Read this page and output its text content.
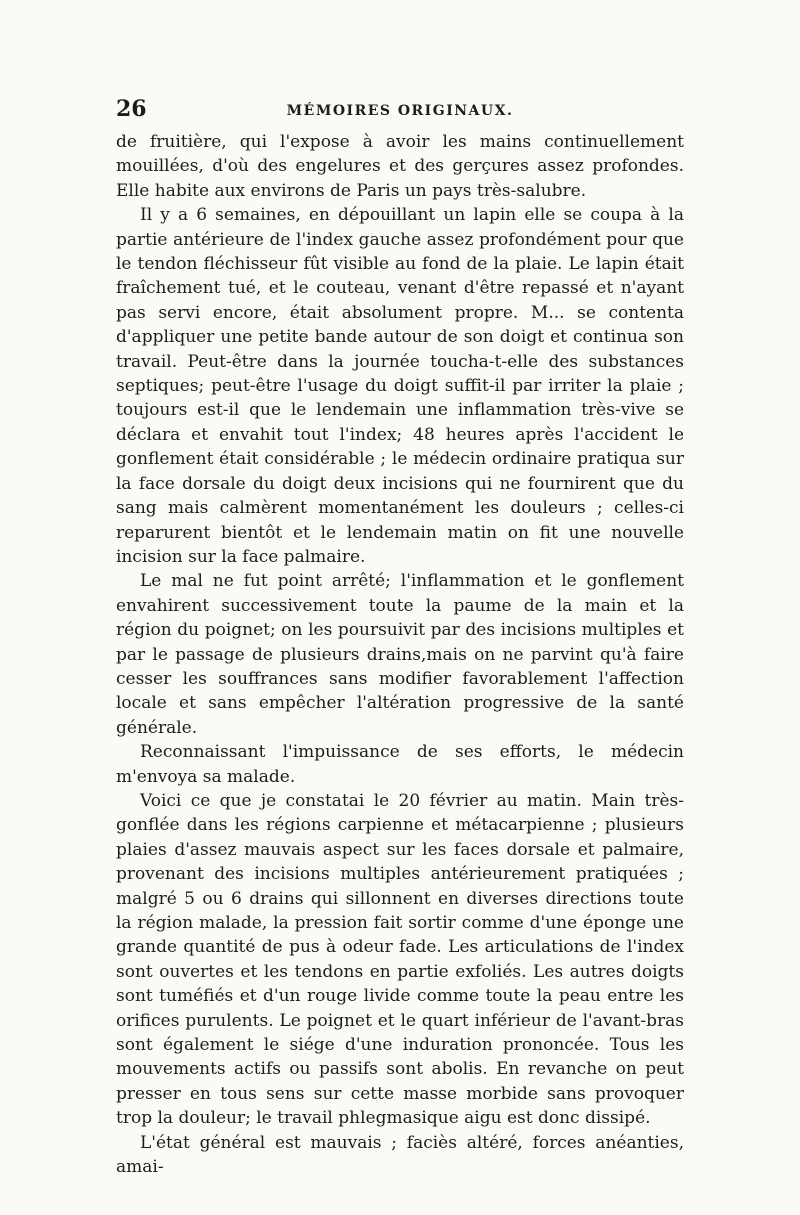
26	MÉMOIRES ORIGINAUX.

de fruitière, qui l'expose à avoir les mains continuellement mouillées, d'où des engelures et des gerçures assez profondes. Elle habite aux environs de Paris un pays très-salubre.

Il y a 6 semaines, en dépouillant un lapin elle se coupa à la partie antérieure de l'index gauche assez profondément pour que le tendon fléchisseur fût visible au fond de la plaie. Le lapin était fraîchement tué, et le couteau, venant d'être repassé et n'ayant pas servi encore, était absolument propre. M... se contenta d'appliquer une petite bande autour de son doigt et continua son travail. Peut-être dans la journée toucha-t-elle des substances septiques; peut-être l'usage du doigt suffit-il par irriter la plaie ; toujours est-il que le lendemain une inflammation très-vive se déclara et envahit tout l'index; 48 heures après l'accident le gonflement était considérable ; le médecin ordinaire pratiqua sur la face dorsale du doigt deux incisions qui ne fournirent que du sang mais calmèrent momentanément les douleurs ; celles-ci reparurent bientôt et le lendemain matin on fit une nouvelle incision sur la face palmaire.

Le mal ne fut point arrêté; l'inflammation et le gonflement envahirent successivement toute la paume de la main et la région du poignet; on les poursuivit par des incisions multiples et par le passage de plusieurs drains,mais on ne parvint qu'à faire cesser les souffrances sans modifier favorablement l'affection locale et sans empêcher l'altération progressive de la santé générale.

Reconnaissant l'impuissance de ses efforts, le médecin m'envoya sa malade.

Voici ce que je constatai le 20 février au matin. Main très-gonflée dans les régions carpienne et métacarpienne ; plusieurs plaies d'assez mauvais aspect sur les faces dorsale et palmaire, provenant des incisions multiples antérieurement pratiquées ; malgré 5 ou 6 drains qui sillonnent en diverses directions toute la région malade, la pression fait sortir comme d'une éponge une grande quantité de pus à odeur fade. Les articulations de l'index sont ouvertes et les tendons en partie exfoliés. Les autres doigts sont tuméfiés et d'un rouge livide comme toute la peau entre les orifices purulents. Le poignet et le quart inférieur de l'avant-bras sont également le siége d'une induration prononcée. Tous les mouvements actifs ou passifs sont abolis. En revanche on peut presser en tous sens sur cette masse morbide sans provoquer trop la douleur; le travail phlegmasique aigu est donc dissipé.

L'état général est mauvais ; faciès altéré, forces anéanties, amai-
